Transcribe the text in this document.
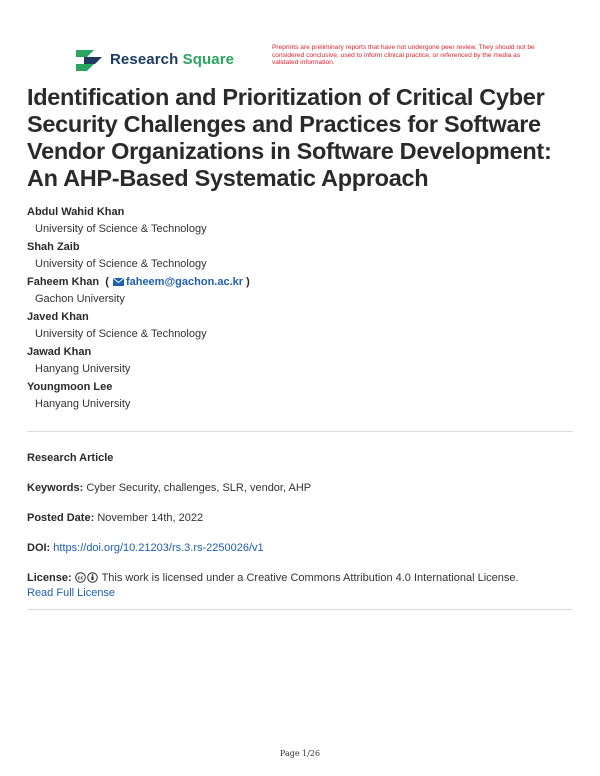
Research Square
Preprints are preliminary reports that have not undergone peer review. They should not be considered conclusive, used to inform clinical practice, or referenced by the media as validated information.
Identification and Prioritization of Critical Cyber Security Challenges and Practices for Software Vendor Organizations in Software Development: An AHP-Based Systematic Approach
Abdul Wahid Khan
University of Science & Technology
Shah Zaib
University of Science & Technology
Faheem Khan  ( faheem@gachon.ac.kr )
Gachon University
Javed Khan
University of Science & Technology
Jawad Khan
Hanyang University
Youngmoon Lee
Hanyang University
Research Article
Keywords: Cyber Security, challenges, SLR, vendor, AHP
Posted Date: November 14th, 2022
DOI: https://doi.org/10.21203/rs.3.rs-2250026/v1
License: cc This work is licensed under a Creative Commons Attribution 4.0 International License.
Read Full License
Page 1/26
